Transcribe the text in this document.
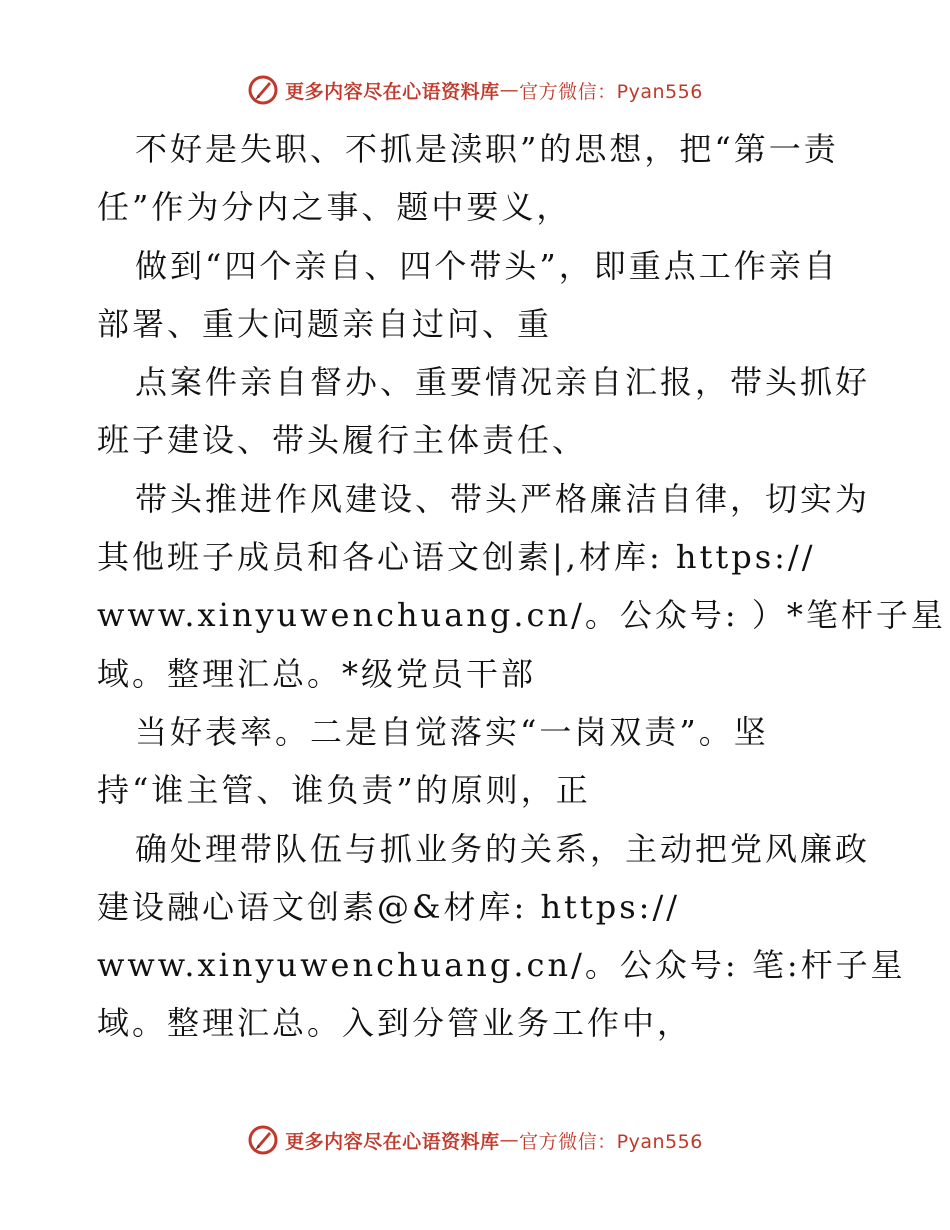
更多内容尽在心语资料库 — 官方微信：Pyan556
不好是失职、不抓是渎职”的思想，把“第一责
任”作为分内之事、题中要义，
做到“四个亲自、四个带头”，即重点工作亲自
部署、重大问题亲自过问、重
点案件亲自督办、重要情况亲自汇报，带头抓好
班子建设、带头履行主体责任、
带头推进作风建设、带头严格廉洁自律，切实为
其他班子成员和各心语文创素|,材库: https://
www.xinyuwenchuang.cn/。公众号: ）*笔杆子星
域。整理汇总。*级党员干部
当好表率。二是自觉落实“一岗双责”。坚
持“谁主管、谁负责”的原则，正
确处理带队伍与抓业务的关系，主动把党风廉政
建设融心语文创素@&材库: https://
www.xinyuwenchuang.cn/。公众号: 笔:杆子星
域。整理汇总。入到分管业务工作中，
更多内容尽在心语资料库 — 官方微信：Pyan556
